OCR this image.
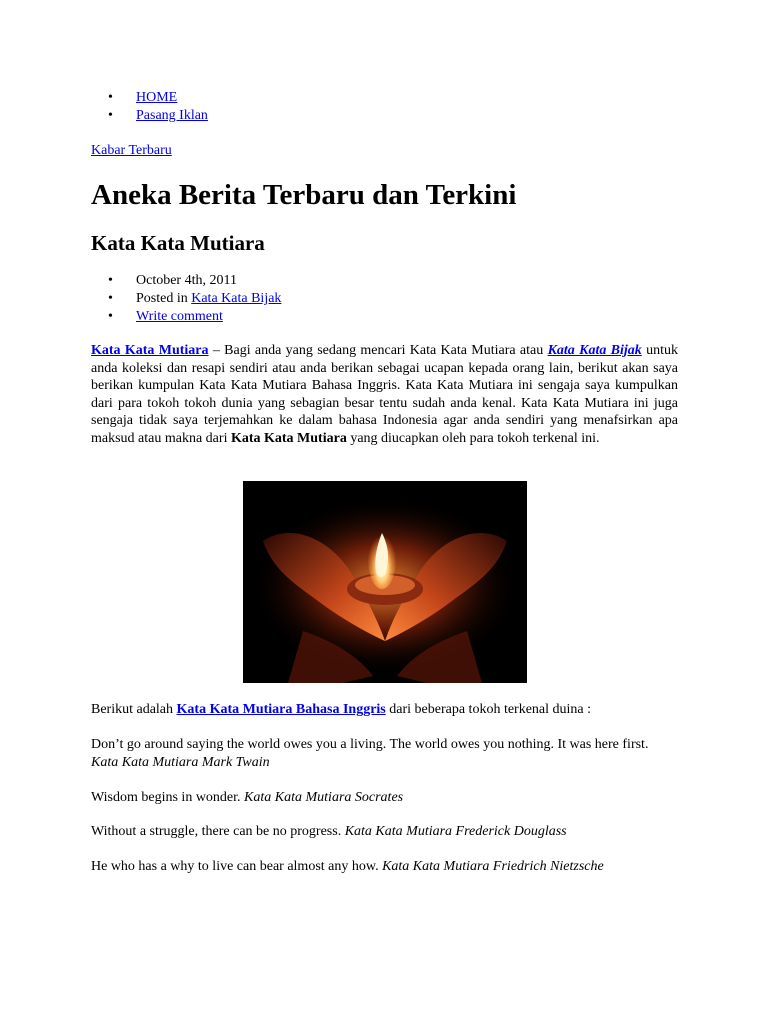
• HOME
• Pasang Iklan
Kabar Terbaru
Aneka Berita Terbaru dan Terkini
Kata Kata Mutiara
• October 4th, 2011
• Posted in Kata Kata Bijak
• Write comment

Kata Kata Mutiara – Bagi anda yang sedang mencari Kata Kata Mutiara atau Kata Kata Bijak untuk anda koleksi dan resapi sendiri atau anda berikan sebagai ucapan kepada orang lain, berikut akan saya berikan kumpulan Kata Kata Mutiara Bahasa Inggris. Kata Kata Mutiara ini sengaja saya kumpulkan dari para tokoh tokoh dunia yang sebagian besar tentu sudah anda kenal. Kata Kata Mutiara ini juga sengaja tidak saya terjemahkan ke dalam bahasa Indonesia agar anda sendiri yang menafsirkan apa maksud atau makna dari Kata Kata Mutiara yang diucapkan oleh para tokoh terkenal ini.

Berikut adalah Kata Kata Mutiara Bahasa Inggris dari beberapa tokoh terkenal duina :

Don’t go around saying the world owes you a living. The world owes you nothing. It was here first. Kata Kata Mutiara Mark Twain

Wisdom begins in wonder. Kata Kata Mutiara Socrates

Without a struggle, there can be no progress. Kata Kata Mutiara Frederick Douglass

He who has a why to live can bear almost any how. Kata Kata Mutiara Friedrich Nietzsche
